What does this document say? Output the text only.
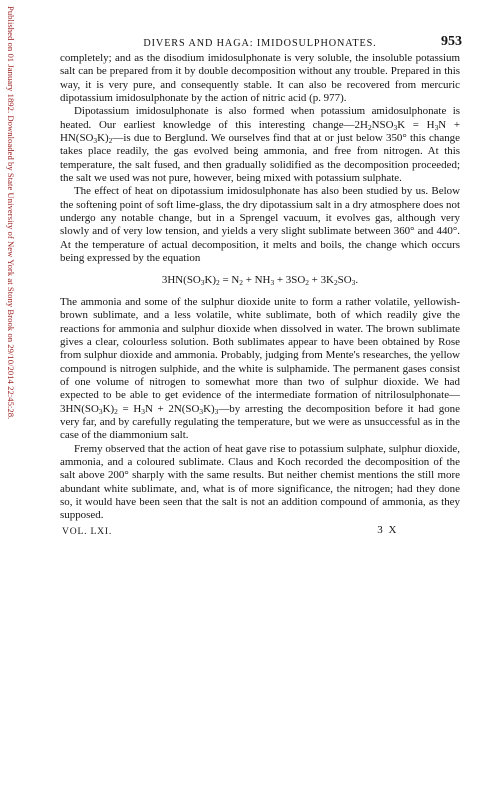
Published on 01 January 1892. Downloaded by State University of New York at Stony Brook on 29/10/2014 22:45:28.	DIVERS AND HAGA: IMIDOSULPHONATES.	953

completely; and as the disodium imidosulphonate is very soluble, the insoluble potassium salt can be prepared from it by double decomposition without any trouble. Prepared in this way, it is very pure, and consequently stable. It can also be recovered from mercuric dipotassium imidosulphonate by the action of nitric acid (p. 977).

Dipotassium imidosulphonate is also formed when potassium amidosulphonate is heated. Our earliest knowledge of this interesting $change—2H_2NSO_3K = H_3N$ + $HN(SO_3K)_2—is$ due to Berglund. We ourselves find that at or just below 350° this change takes place readily, the gas evolved being ammonia, and free from nitrogen. At this temperature, the salt fused, and then gradually solidified as the decomposition proceeded; the salt we used was not pure, however, being mixed with potassium sulphate.

The effect of heat on dipotassium imidosulphonate has also been studied by us. Below the softening point of soft lime-glass, the dry dipotassium salt in a dry atmosphere does not undergo any notable change, but in a Sprengel vacuum, it evolves gas, although very slowly and of very low tension, and yields a very slight sublimate between 360° and 440°. At the temperature of actual decomposition, it melts and boils, the change which occurs being expressed by the equation

$3HN(SO_3K)_2 = N_2 + NH_3 + 3SO_2 + 3K_2SO_3$.

The ammonia and some of the sulphur dioxide unite to form a rather volatile, yellowish-brown sublimate, and a less volatile, white sublimate, both of which readily give the reactions for ammonia and sulphur dioxide when dissolved in water. The brown sublimate gives a clear, colourless solution. Both sublimates appear to have been obtained by Rose from sulphur dioxide and ammonia. Probably, judging from Mente's researches, the yellow compound is nitrogen sulphide, and the white is sulphamide. The permanent gases consist of one volume of nitrogen to somewhat more than two of sulphur dioxide. We had expected to be able to get evidence of the intermediate formation of $nitrilosulphonate—3HN(SO_3K)_2 = H_3N$ + $2N(SO_3K)_3—by$ arresting the decomposition before it had gone very far, and by carefully regulating the temperature, but we were as unsuccessful as in the case of the diammonium salt.

Fremy observed that the action of heat gave rise to potassium sulphate, sulphur dioxide, ammonia, and a coloured sublimate. Claus and Koch recorded the decomposition of the salt above 200° sharply with the same results. But neither chemist mentions the still more abundant white sublimate, and, what is of more significance, the nitrogen; had they done so, it would have been seen that the salt is not an addition compound of ammonia, as they supposed.

VOL. LXI.	3 X
